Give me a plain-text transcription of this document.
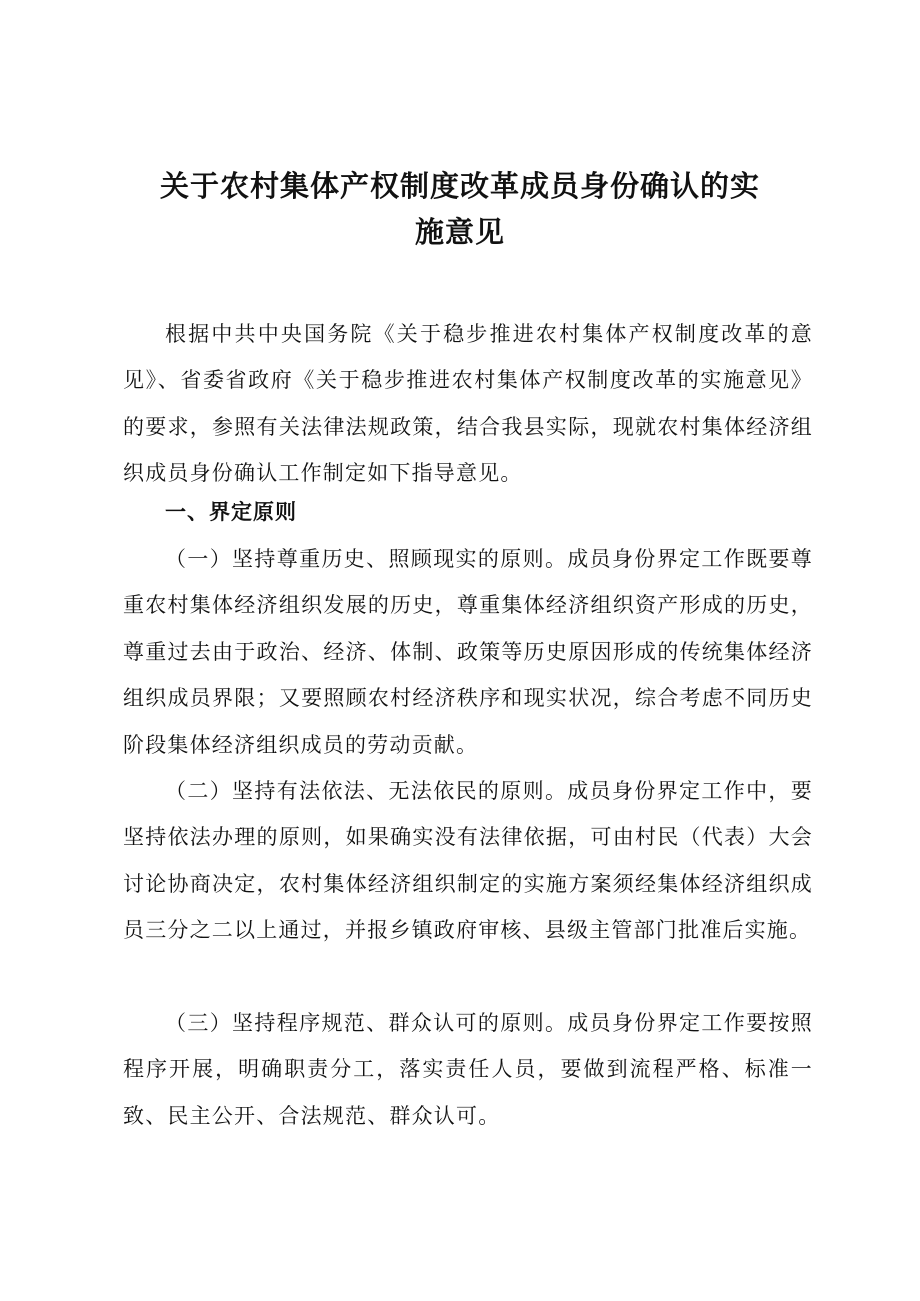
关于农村集体产权制度改革成员身份确认的实
施意见

根据中共中央国务院《关于稳步推进农村集体产权制度改革的意见》、省委省政府《关于稳步推进农村集体产权制度改革的实施意见》的要求，参照有关法律法规政策，结合我县实际，现就农村集体经济组织成员身份确认工作制定如下指导意见。

一、界定原则

（一）坚持尊重历史、照顾现实的原则。成员身份界定工作既要尊重农村集体经济组织发展的历史，尊重集体经济组织资产形成的历史，尊重过去由于政治、经济、体制、政策等历史原因形成的传统集体经济组织成员界限；又要照顾农村经济秩序和现实状况，综合考虑不同历史阶段集体经济组织成员的劳动贡献。

（二）坚持有法依法、无法依民的原则。成员身份界定工作中，要坚持依法办理的原则，如果确实没有法律依据，可由村民（代表）大会讨论协商决定，农村集体经济组织制定的实施方案须经集体经济组织成员三分之二以上通过，并报乡镇政府审核、县级主管部门批准后实施。

（三）坚持程序规范、群众认可的原则。成员身份界定工作要按照程序开展，明确职责分工，落实责任人员，要做到流程严格、标准一致、民主公开、合法规范、群众认可。
